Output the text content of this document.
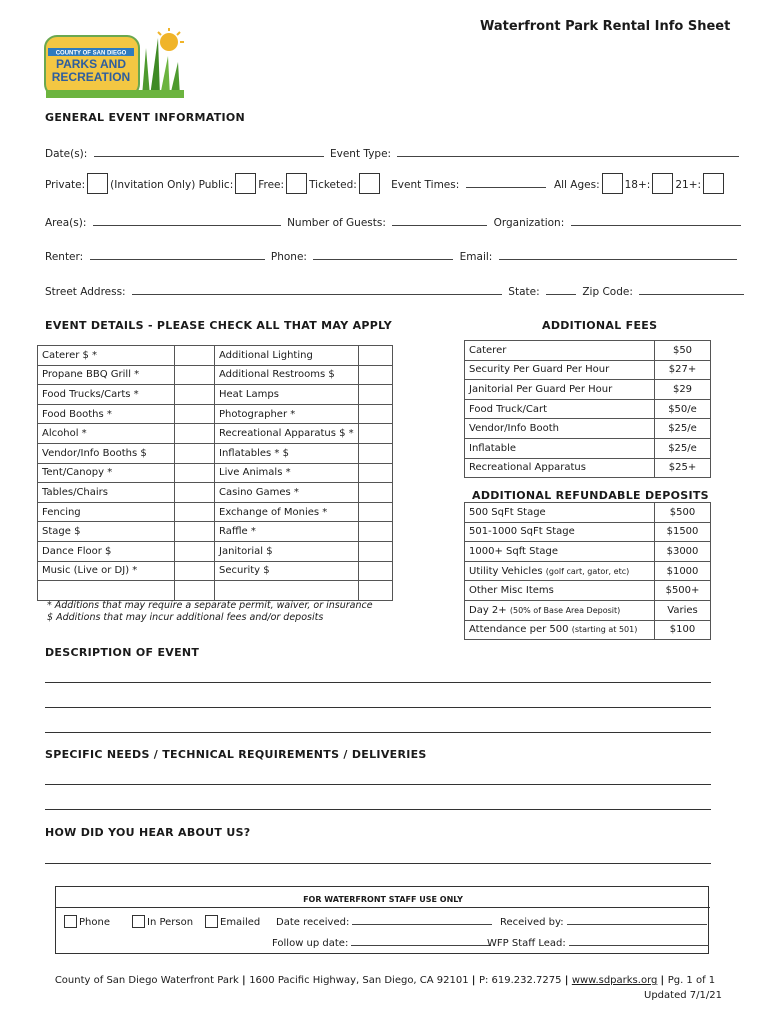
Waterfront Park Rental Info Sheet
COUNTY OF SAN DIEGO
PARKS AND
RECREATION
GENERAL EVENT INFORMATION
Date(s):	Event Type:
Private: (Invitation Only) Public: Free: Ticketed:	Event Times:	All Ages: 18+: 21+:
Area(s):	Number of Guests:	Organization:
Renter:	Phone:	Email:
Street Address:	State:	Zip Code:
EVENT DETAILS - PLEASE CHECK ALL THAT MAY APPLY
Caterer $ *		Additional Lighting	
Propane BBQ Grill *		Additional Restrooms $	
Food Trucks/Carts *		Heat Lamps	
Food Booths *		Photographer *	
Alcohol *		Recreational Apparatus $ *	
Vendor/Info Booths $		Inflatables * $	
Tent/Canopy *		Live Animals *	
Tables/Chairs		Casino Games *	
Fencing		Exchange of Monies *	
Stage $		Raffle *	
Dance Floor $		Janitorial $	
Music (Live or DJ) *		Security $	

* Additions that may require a separate permit, waiver, or insurance
$ Additions that may incur additional fees and/or deposits
ADDITIONAL FEES
Caterer	$50
Security Per Guard Per Hour	$27+
Janitorial Per Guard Per Hour	$29
Food Truck/Cart	$50/e
Vendor/Info Booth	$25/e
Inflatable	$25/e
Recreational Apparatus	$25+
ADDITIONAL REFUNDABLE DEPOSITS
500 SqFt Stage	$500
501-1000 SqFt Stage	$1500
1000+ Sqft Stage	$3000
Utility Vehicles (golf cart, gator, etc)	$1000
Other Misc Items	$500+
Day 2+ (50% of Base Area Deposit)	Varies
Attendance per 500 (starting at 501)	$100
DESCRIPTION OF EVENT
SPECIFIC NEEDS / TECHNICAL REQUIREMENTS / DELIVERIES
HOW DID YOU HEAR ABOUT US?
FOR WATERFRONT STAFF USE ONLY
Phone	In Person	Emailed Date received:	Received by:
Follow up date:	WFP Staff Lead:
County of San Diego Waterfront Park | 1600 Pacific Highway, San Diego, CA 92101 | P: 619.232.7275 | www.sdparks.org | Pg. 1 of 1
Updated 7/1/21
